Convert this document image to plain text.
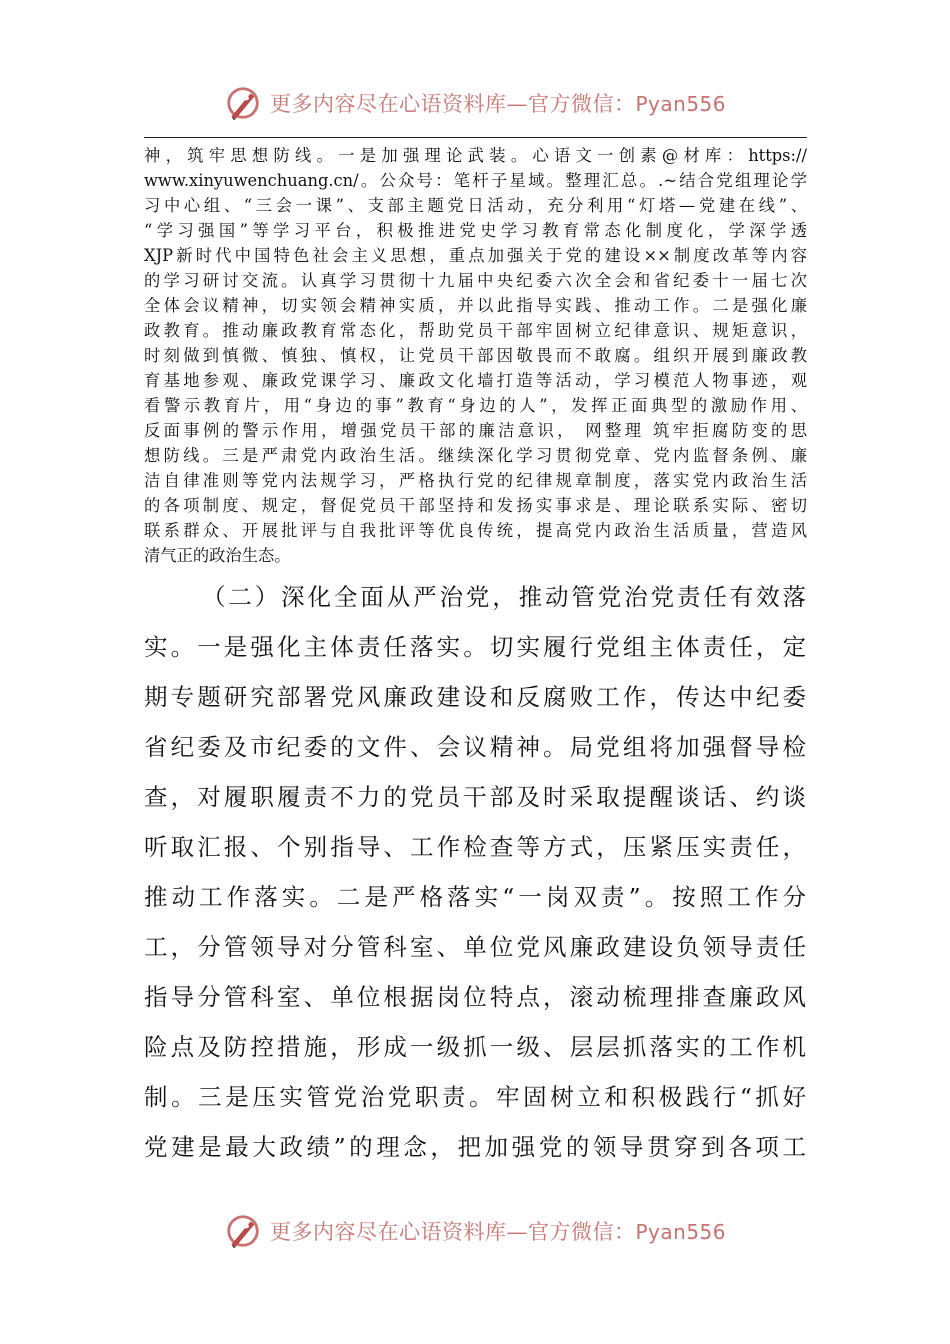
更多内容尽在心语资料库—官方微信：Pyan556
神，筑牢思想防线。一是加强理论武装。心语文一创素@材库：https://
www.xinyuwenchuang.cn/。公众号：笔杆子星域。整理汇总。.~结合党组理论学
习中心组、“三会一课”、支部主题党日活动，充分利用“灯塔—党建在线”、
“学习强国”等学习平台，积极推进党史学习教育常态化制度化，学深学透
XJP新时代中国特色社会主义思想，重点加强关于党的建设××制度改革等内容
的学习研讨交流。认真学习贯彻十九届中央纪委六次全会和省纪委十一届七次
全体会议精神，切实领会精神实质，并以此指导实践、推动工作。二是强化廉
政教育。推动廉政教育常态化，帮助党员干部牢固树立纪律意识、规矩意识，
时刻做到慎微、慎独、慎权，让党员干部因敬畏而不敢腐。组织开展到廉政教
育基地参观、廉政党课学习、廉政文化墙打造等活动，学习模范人物事迹，观
看警示教育片，用“身边的事”教育“身边的人”，发挥正面典型的激励作用、
反面事例的警示作用，增强党员干部的廉洁意识， 网整理 筑牢拒腐防变的思
想防线。三是严肃党内政治生活。继续深化学习贯彻党章、党内监督条例、廉
洁自律准则等党内法规学习，严格执行党的纪律规章制度，落实党内政治生活
的各项制度、规定，督促党员干部坚持和发扬实事求是、理论联系实际、密切
联系群众、开展批评与自我批评等优良传统，提高党内政治生活质量，营造风
清气正的政治生态。
（二）深化全面从严治党，推动管党治党责任有效落
实。一是强化主体责任落实。切实履行党组主体责任，定
期专题研究部署党风廉政建设和反腐败工作，传达中纪委
省纪委及市纪委的文件、会议精神。局党组将加强督导检
查，对履职履责不力的党员干部及时采取提醒谈话、约谈
听取汇报、个别指导、工作检查等方式，压紧压实责任，
推动工作落实。二是严格落实“一岗双责”。按照工作分
工，分管领导对分管科室、单位党风廉政建设负领导责任
指导分管科室、单位根据岗位特点，滚动梳理排查廉政风
险点及防控措施，形成一级抓一级、层层抓落实的工作机
制。三是压实管党治党职责。牢固树立和积极践行“抓好
党建是最大政绩”的理念，把加强党的领导贯穿到各项工
更多内容尽在心语资料库—官方微信：Pyan556
